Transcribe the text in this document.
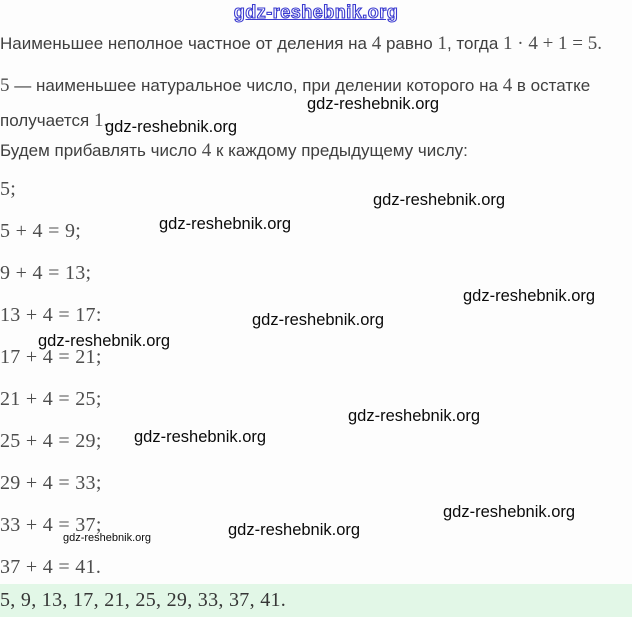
gdz-reshebnik.org
Наименьшее неполное частное от деления на 4 равно 1, тогда 1 · 4 + 1 = 5.
5 — наименьшее натуральное число, при делении которого на 4 в остатке получается 1.
Будем прибавлять число 4 к каждому предыдущему числу:
5;
5 + 4 = 9;
9 + 4 = 13;
13 + 4 = 17:
17 + 4 = 21;
21 + 4 = 25;
25 + 4 = 29;
29 + 4 = 33;
33 + 4 = 37;
37 + 4 = 41.
gdz-reshebnik.org
gdz-reshebnik.org
gdz-reshebnik.org
gdz-reshebnik.org
gdz-reshebnik.org
gdz-reshebnik.org
gdz-reshebnik.org
gdz-reshebnik.org
gdz-reshebnik.org
gdz-reshebnik.org
gdz-reshebnik.org
gdz-reshebnik.org
5, 9, 13, 17, 21, 25, 29, 33, 37, 41.
